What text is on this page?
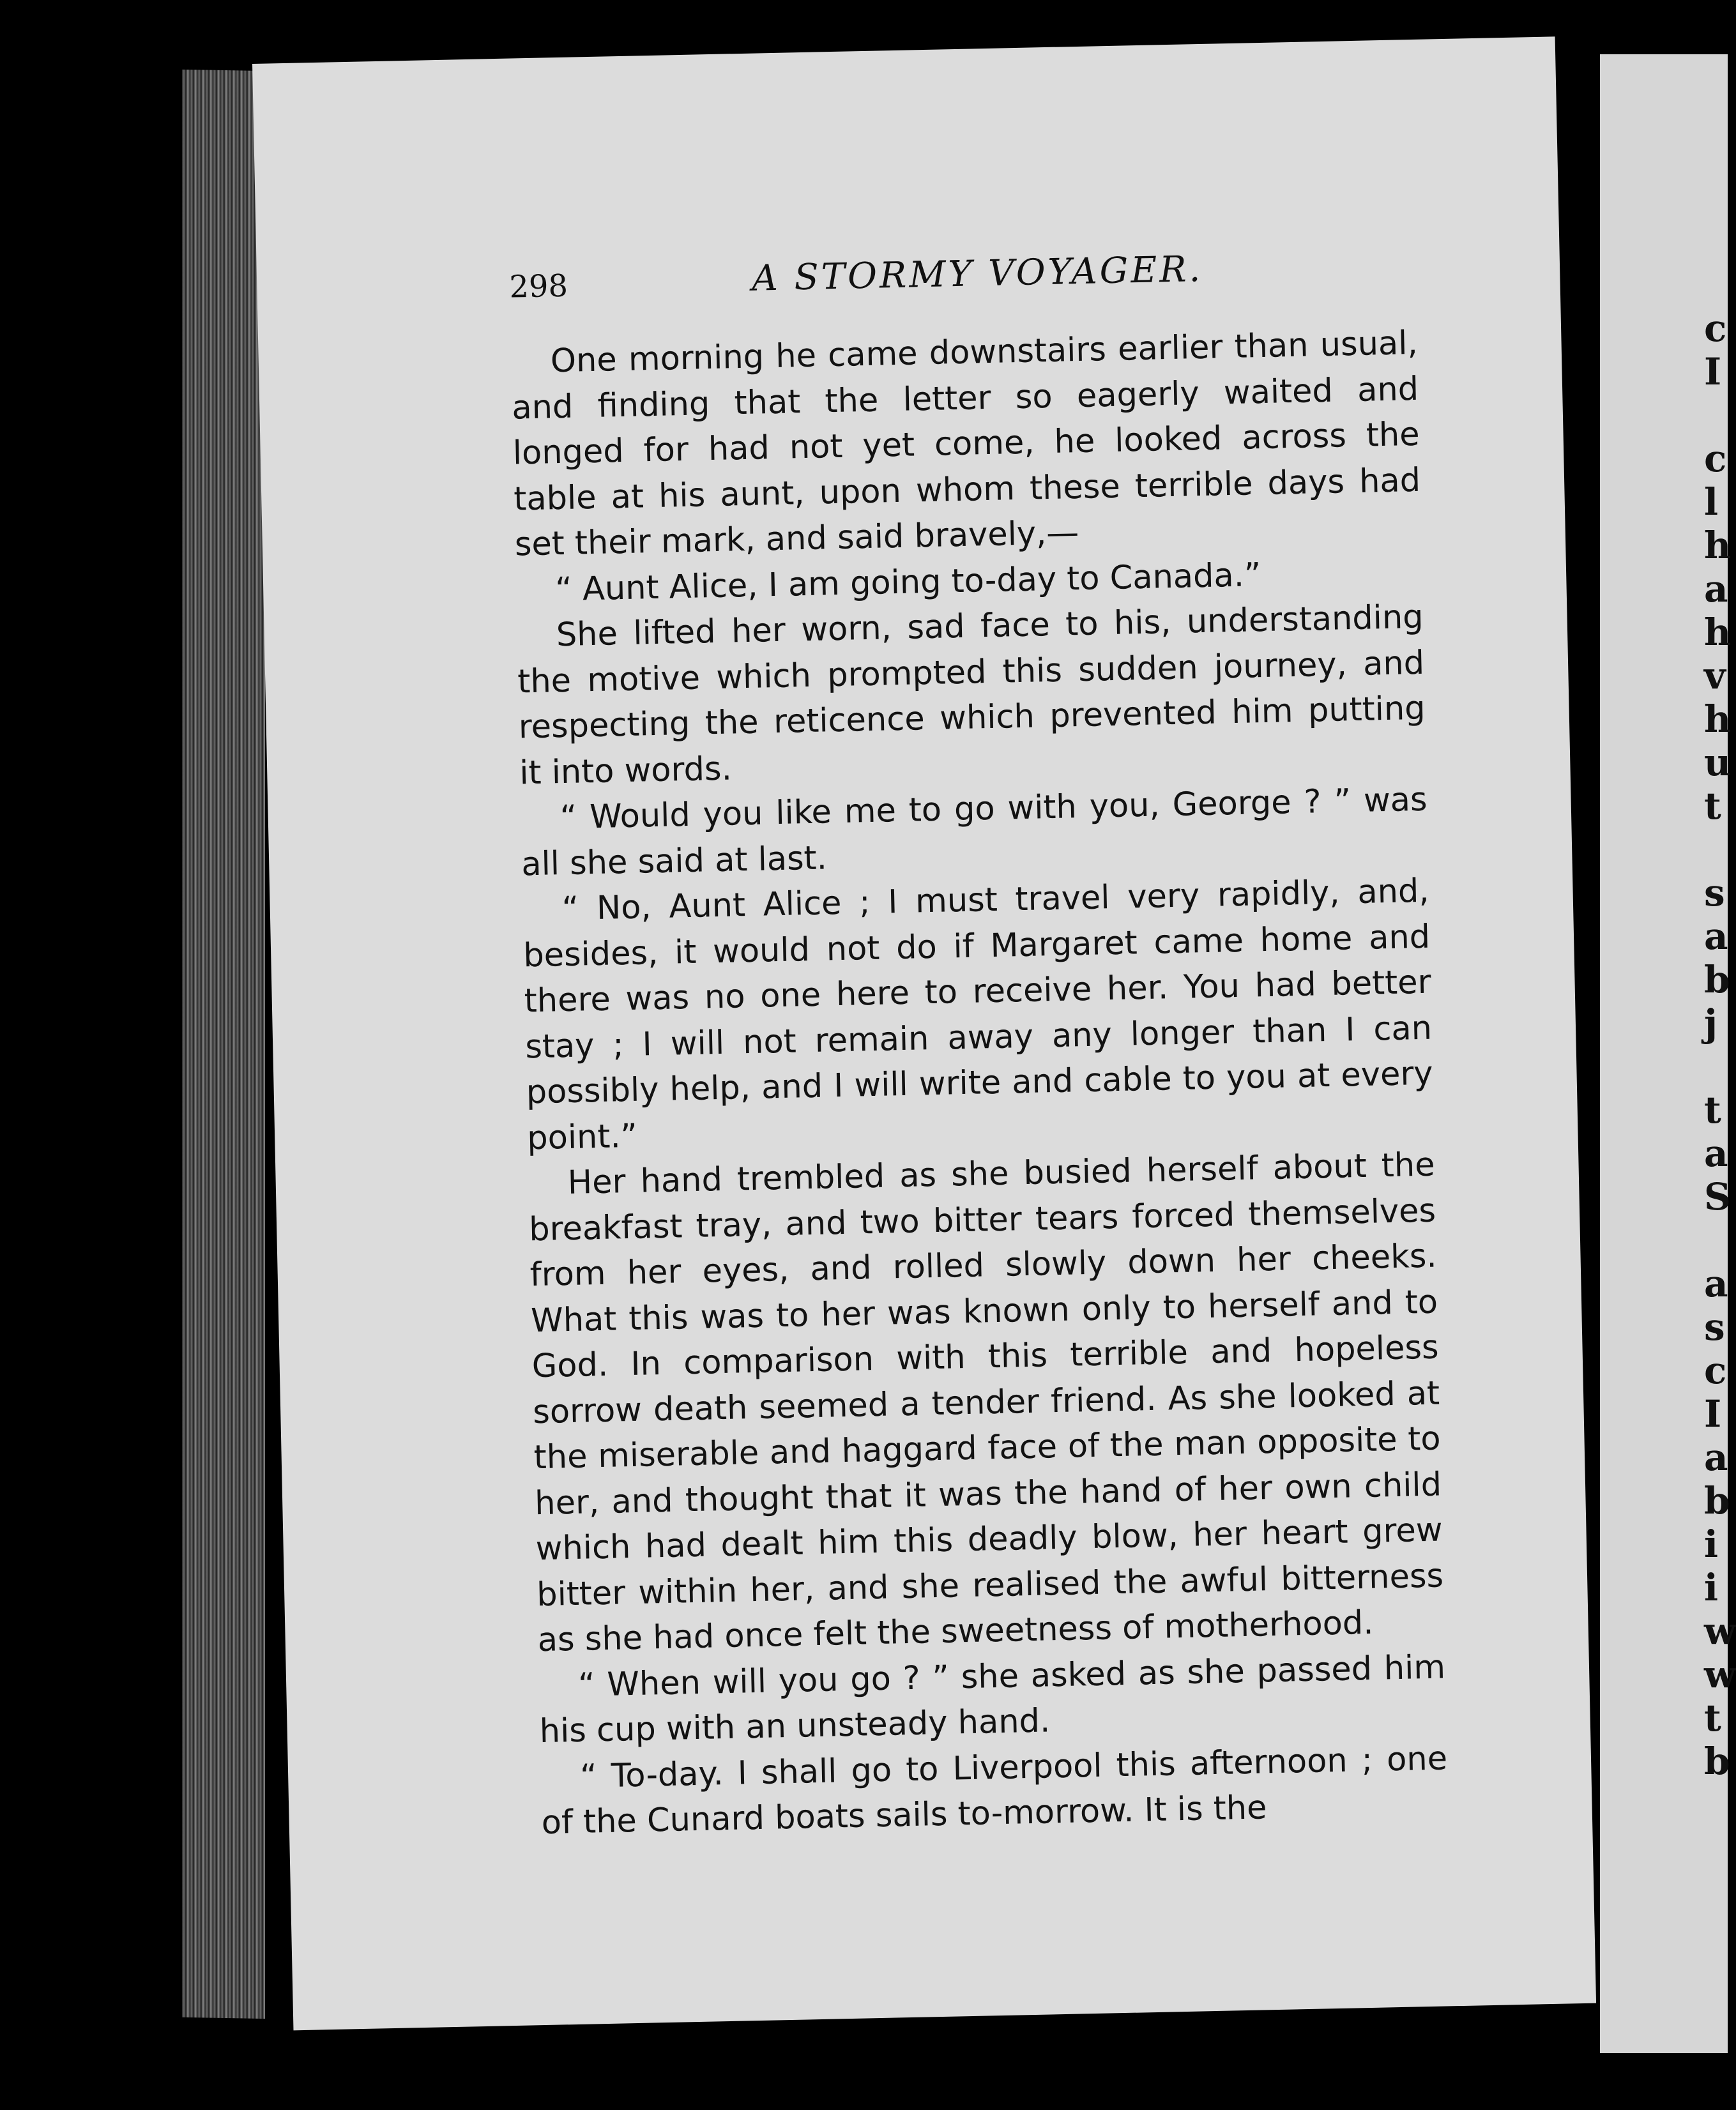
c
I

c
l
h
a
h
v
h
u
t

s
a
b
j

t
a
S

a
s
c
I
a
b
i
i
w
w
t
b
298	A STORMY VOYAGER.

One morning he came downstairs earlier than usual, and finding that the letter so eagerly waited and longed for had not yet come, he looked across the table at his aunt, upon whom these terrible days had set their mark, and said bravely,—

“ Aunt Alice, I am going to-day to Canada.”

She lifted her worn, sad face to his, understanding the motive which prompted this sudden journey, and respecting the reticence which prevented him putting it into words.

“ Would you like me to go with you, George ? ” was all she said at last.

“ No, Aunt Alice ; I must travel very rapidly, and, besides, it would not do if Margaret came home and there was no one here to receive her. You had better stay ; I will not remain away any longer than I can possibly help, and I will write and cable to you at every point.”

Her hand trembled as she busied herself about the breakfast tray, and two bitter tears forced themselves from her eyes, and rolled slowly down her cheeks. What this was to her was known only to herself and to God. In comparison with this terrible and hopeless sorrow death seemed a tender friend. As she looked at the miserable and haggard face of the man opposite to her, and thought that it was the hand of her own child which had dealt him this deadly blow, her heart grew bitter within her, and she realised the awful bitterness as she had once felt the sweetness of motherhood.

“ When will you go ? ” she asked as she passed him his cup with an unsteady hand.

“ To-day. I shall go to Liverpool this afternoon ; one of the Cunard boats sails to-morrow. It is the
